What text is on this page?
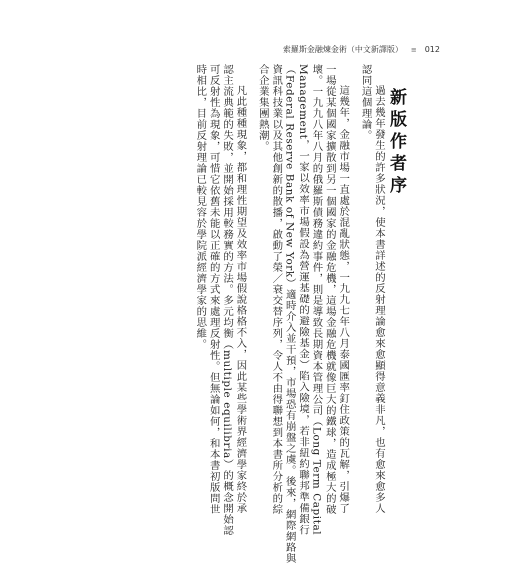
索羅斯金融煉金術（中文新譯版） ≡ 012
新版作者序
過去幾年發生的許多狀況，使本書詳述的反射理論愈來愈顯得意義非凡，也有愈來愈多人
認同這個理論。
這幾年，金融市場一直處於混亂狀態，一九九七年八月泰國匯率釘住政策的瓦解，引爆了
一場從某個國家擴散到另一個國家的金融危機，這場金融危機就像巨大的鐵球，造成極大的破
壞。一九九八年八月的俄羅斯債務違約事件，則是導致長期資本管理公司（Long Term Capital
Management，一家以效率市場假設為營運基礎的避險基金）陷入險境，若非紐約聯邦準備銀行
（Federal Reserve Bank of New York）適時介入並干預，市場恐有崩盤之虞。後來，網際網路與
資訊科技業以及其他創新的散播，啟動了榮／衰交替序列，令人不由得聯想到本書所分析的綜
合企業集團熱潮。
凡此種種現象，都和理性期望及效率市場假說格格不入，因此某些學術界經濟學家終於承
認主流典範的失敗，並開始採用較務實的方法。多元均衡（multiple equilibria）的概念開始認
可反射性為現象，可惜它依舊未能以正確的方式來處理反射性。但無論如何，和本書初版問世
時相比，目前反射理論已較見容於學院派經濟學家的思維。
